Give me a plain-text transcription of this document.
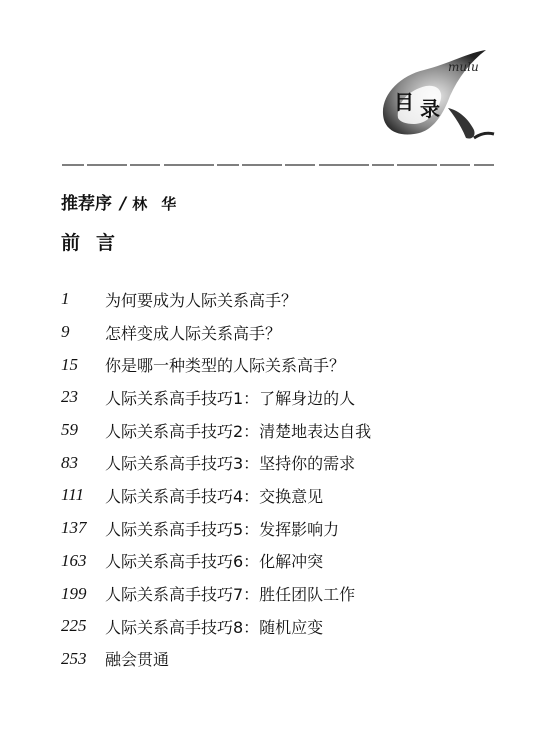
目 录
mulu
推荐序 / 林华
前言
1	为何要成为人际关系高手？
9	怎样变成人际关系高手？
15	你是哪一种类型的人际关系高手？
23	人际关系高手技巧1：了解身边的人
59	人际关系高手技巧2：清楚地表达自我
83	人际关系高手技巧3：坚持你的需求
111	人际关系高手技巧4：交换意见
137	人际关系高手技巧5：发挥影响力
163	人际关系高手技巧6：化解冲突
199	人际关系高手技巧7：胜任团队工作
225	人际关系高手技巧8：随机应变
253	融会贯通
